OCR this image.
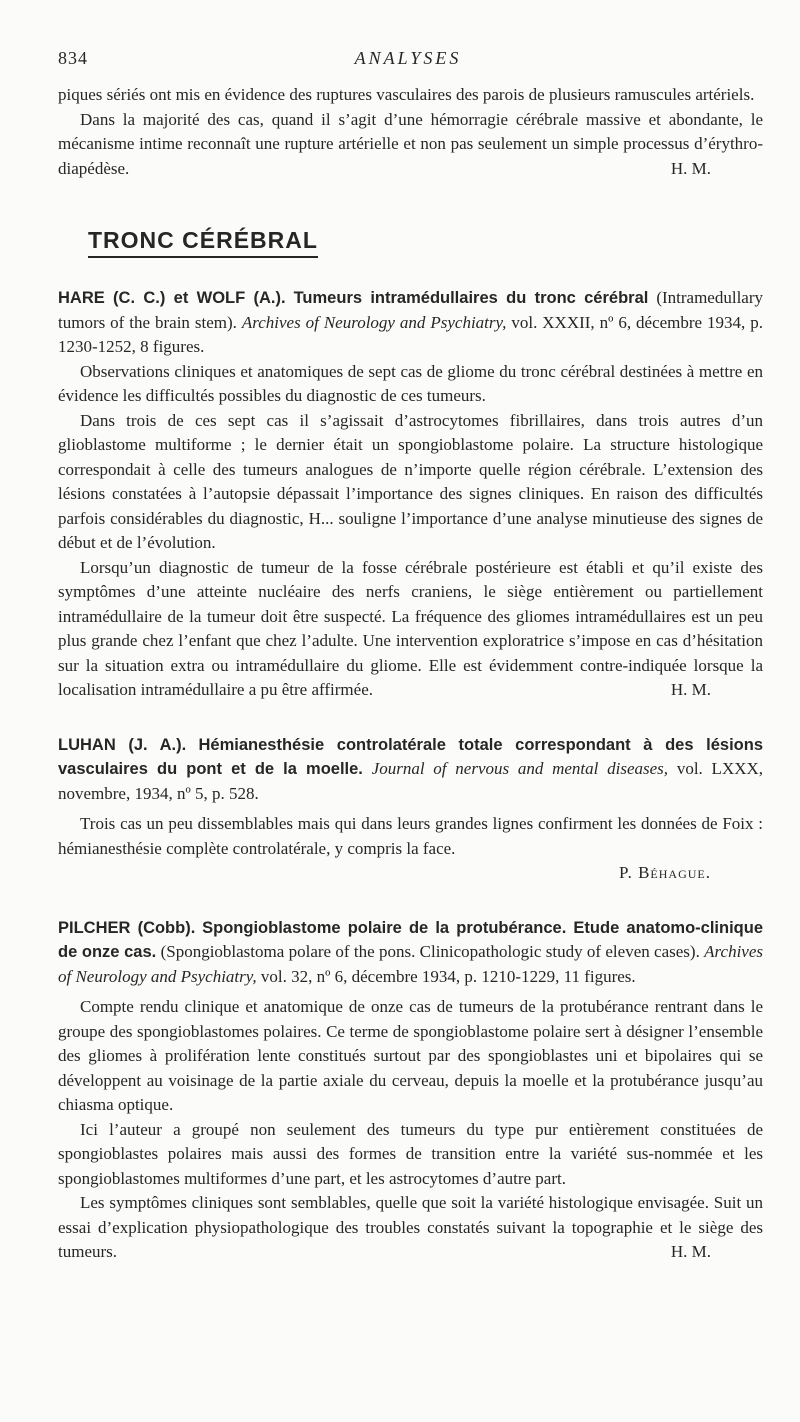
834	ANALYSES

piques sériés ont mis en évidence des ruptures vasculaires des parois de plusieurs ramuscules artériels.

Dans la majorité des cas, quand il s’agit d’une hémorragie cérébrale massive et abondante, le mécanisme intime reconnaît une rupture artérielle et non pas seulement un simple processus d’érythro-diapédèse.	H. M.

TRONC CÉRÉBRAL

HARE (C. C.) et WOLF (A.). Tumeurs intramédullaires du tronc cérébral (Intramedullary tumors of the brain stem). Archives of Neurology and Psychiatry, vol. XXXII, nº 6, décembre 1934, p. 1230-1252, 8 figures.

Observations cliniques et anatomiques de sept cas de gliome du tronc cérébral destinées à mettre en évidence les difficultés possibles du diagnostic de ces tumeurs.

Dans trois de ces sept cas il s’agissait d’astrocytomes fibrillaires, dans trois autres d’un glioblastome multiforme ; le dernier était un spongioblastome polaire. La structure histologique correspondait à celle des tumeurs analogues de n’importe quelle région cérébrale. L’extension des lésions constatées à l’autopsie dépassait l’importance des signes cliniques. En raison des difficultés parfois considérables du diagnostic, H... souligne l’importance d’une analyse minutieuse des signes de début et de l’évolution.

Lorsqu’un diagnostic de tumeur de la fosse cérébrale postérieure est établi et qu’il existe des symptômes d’une atteinte nucléaire des nerfs craniens, le siège entièrement ou partiellement intramédullaire de la tumeur doit être suspecté. La fréquence des gliomes intramédullaires est un peu plus grande chez l’enfant que chez l’adulte. Une intervention exploratrice s’impose en cas d’hésitation sur la situation extra ou intramédullaire du gliome. Elle est évidemment contre-indiquée lorsque la localisation intramédullaire a pu être affirmée.	H. M.

LUHAN (J. A.). Hémianesthésie controlatérale totale correspondant à des lésions vasculaires du pont et de la moelle. Journal of nervous and mental diseases, vol. LXXX, novembre, 1934, nº 5, p. 528.

Trois cas un peu dissemblables mais qui dans leurs grandes lignes confirment les données de Foix : hémianesthésie complète controlatérale, y compris la face.

P. Béhague.

PILCHER (Cobb). Spongioblastome polaire de la protubérance. Etude anatomo-clinique de onze cas. (Spongioblastoma polare of the pons. Clinicopathologic study of eleven cases). Archives of Neurology and Psychiatry, vol. 32, nº 6, décembre 1934, p. 1210-1229, 11 figures.

Compte rendu clinique et anatomique de onze cas de tumeurs de la protubérance rentrant dans le groupe des spongioblastomes polaires. Ce terme de spongioblastome polaire sert à désigner l’ensemble des gliomes à prolifération lente constitués surtout par des spongioblastes uni et bipolaires qui se développent au voisinage de la partie axiale du cerveau, depuis la moelle et la protubérance jusqu’au chiasma optique.

Ici l’auteur a groupé non seulement des tumeurs du type pur entièrement constituées de spongioblastes polaires mais aussi des formes de transition entre la variété sus-nommée et les spongioblastomes multiformes d’une part, et les astrocytomes d’autre part.

Les symptômes cliniques sont semblables, quelle que soit la variété histologique envisagée. Suit un essai d’explication physiopathologique des troubles constatés suivant la topographie et le siège des tumeurs.	H. M.
